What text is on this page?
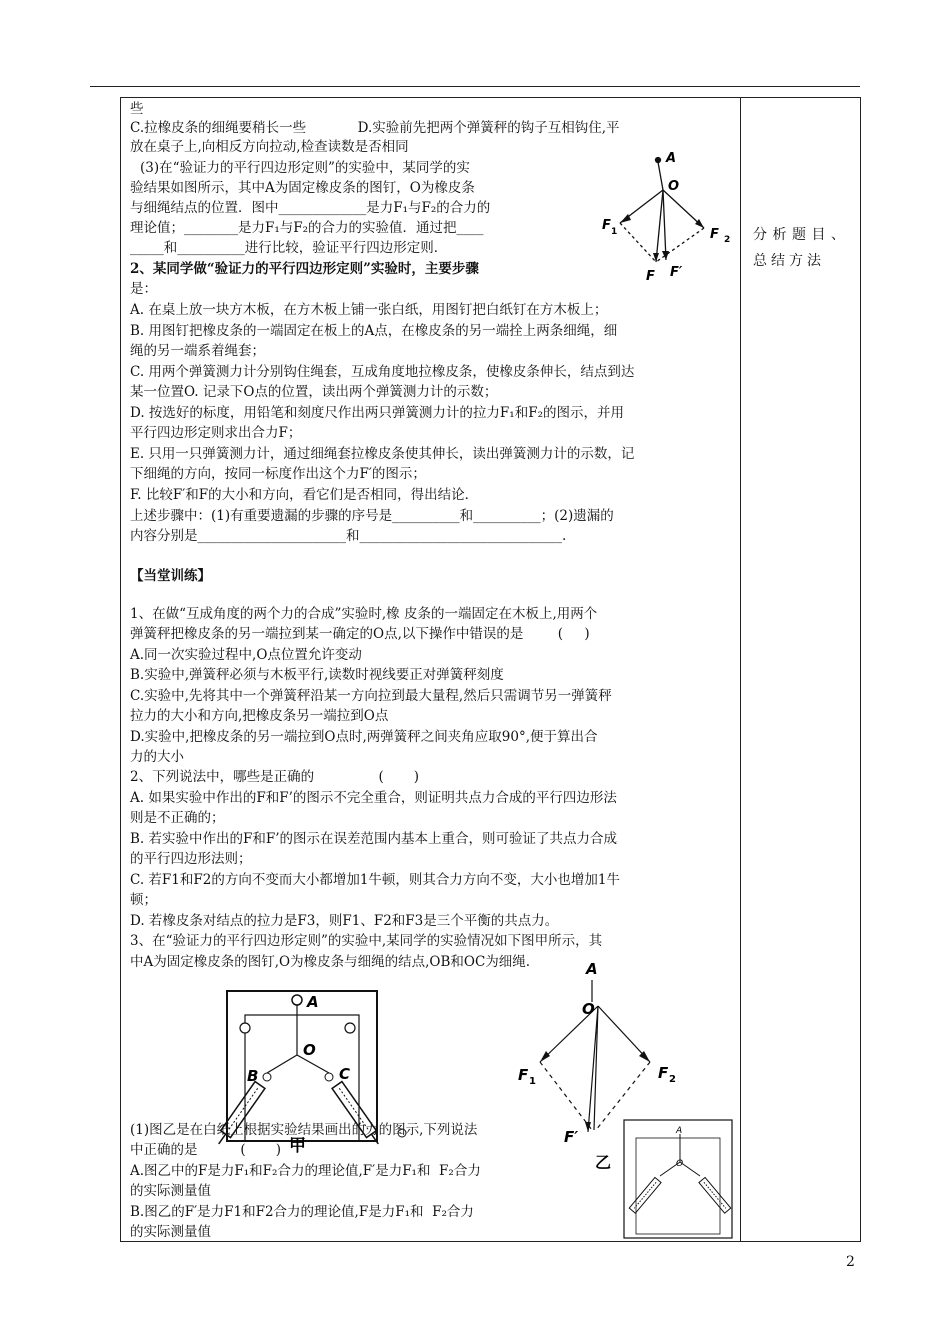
分析题目、总结方法
2
A
O
F 1	F 2
F F′
A
O
B	C
甲
A
O
F 1	F 2
F′
乙
A
O
些
C.拉橡皮条的细绳要稍长一些            D.实验前先把两个弹簧秤的钩子互相钩住,平
放在桌子上,向相反方向拉动,检查读数是否相同
(3)在“验证力的平行四边形定则”的实验中，某同学的实
验结果如图所示，其中A为固定橡皮条的图钉，O为橡皮条
与细绳结点的位置．图中_____________是力F₁与F₂的合力的
理论值；________是力F₁与F₂的合力的实验值．通过把____
_____和__________进行比较，验证平行四边形定则．
2、某同学做“验证力的平行四边形定则”实验时，主要步骤
是：
A. 在桌上放一块方木板，在方木板上铺一张白纸，用图钉把白纸钉在方木板上；
B. 用图钉把橡皮条的一端固定在板上的A点，在橡皮条的另一端拴上两条细绳，细
绳的另一端系着绳套；
C. 用两个弹簧测力计分别钩住绳套，互成角度地拉橡皮条，使橡皮条伸长，结点到达
某一位置O. 记录下O点的位置，读出两个弹簧测力计的示数；
D. 按选好的标度，用铅笔和刻度尺作出两只弹簧测力计的拉力F₁和F₂的图示，并用
平行四边形定则求出合力F；
E. 只用一只弹簧测力计，通过细绳套拉橡皮条使其伸长，读出弹簧测力计的示数，记
下细绳的方向，按同一标度作出这个力F′的图示；
F. 比较F′和F的大小和方向，看它们是否相同，得出结论．
上述步骤中：(1)有重要遗漏的步骤的序号是__________和__________；(2)遗漏的
内容分别是______________________和______________________________.
【当堂训练】
1、在做“互成角度的两个力的合成”实验时,橡 皮条的一端固定在木板上,用两个
弹簧秤把橡皮条的另一端拉到某一确定的O点,以下操作中错误的是        (     )
A.同一次实验过程中,O点位置允许变动
B.实验中,弹簧秤必须与木板平行,读数时视线要正对弹簧秤刻度
C.实验中,先将其中一个弹簧秤沿某一方向拉到最大量程,然后只需调节另一弹簧秤
拉力的大小和方向,把橡皮条另一端拉到O点
D.实验中,把橡皮条的另一端拉到O点时,两弹簧秤之间夹角应取90°,便于算出合
力的大小
2、下列说法中，哪些是正确的               (       )
A. 如果实验中作出的F和F’的图示不完全重合，则证明共点力合成的平行四边形法
则是不正确的；
B. 若实验中作出的F和F’的图示在误差范围内基本上重合，则可验证了共点力合成
的平行四边形法则；
C. 若F1和F2的方向不变而大小都增加1牛顿，则其合力方向不变，大小也增加1牛
顿；
D. 若橡皮条对结点的拉力是F3，则F1、F2和F3是三个平衡的共点力。
3、在“验证力的平行四边形定则”的实验中,某同学的实验情况如下图甲所示，其
中A为固定橡皮条的图钉,O为橡皮条与细绳的结点,OB和OC为细绳.
(1)图乙是在白纸上根据实验结果画出的力的图示,下列说法
中正确的是          (       )
A.图乙中的F是力F₁和F₂合力的理论值,F′是力F₁和  F₂合力
的实际测量值
B.图乙的F′是力F1和F2合力的理论值,F是力F₁和  F₂合力
的实际测量值
